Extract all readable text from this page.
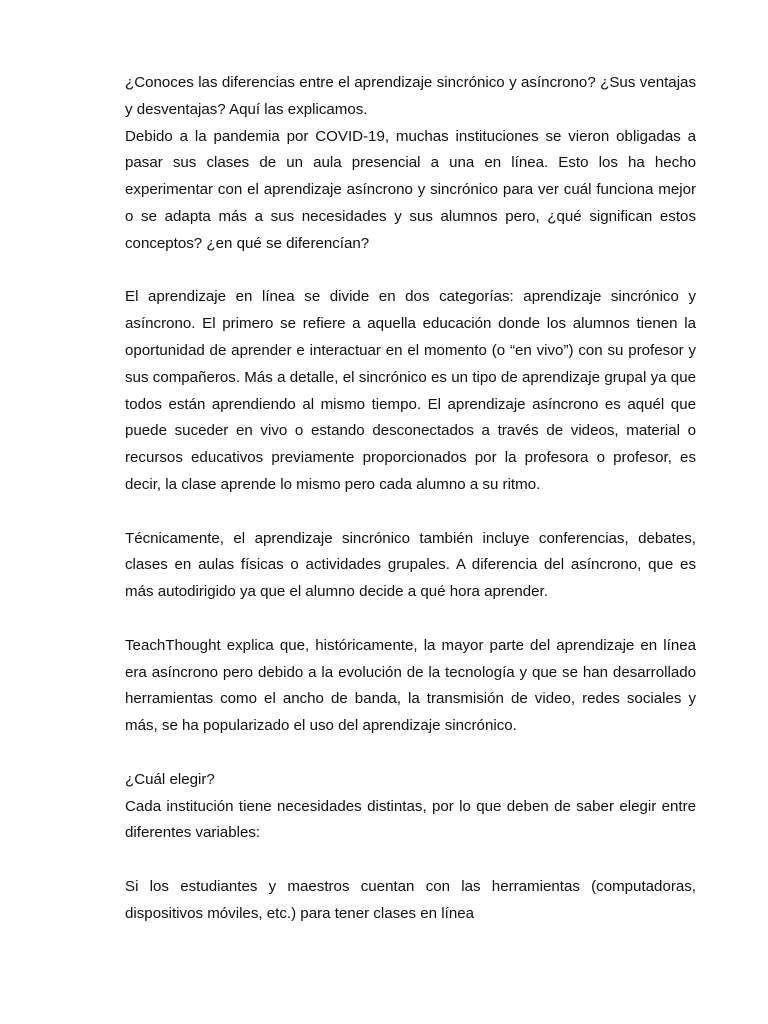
¿Conoces las diferencias entre el aprendizaje sincrónico y asíncrono? ¿Sus ventajas y desventajas? Aquí las explicamos.

Debido a la pandemia por COVID-19, muchas instituciones se vieron obligadas a pasar sus clases de un aula presencial a una en línea. Esto los ha hecho experimentar con el aprendizaje asíncrono y sincrónico para ver cuál funciona mejor o se adapta más a sus necesidades y sus alumnos pero, ¿qué significan estos conceptos? ¿en qué se diferencían?

El aprendizaje en línea se divide en dos categorías: aprendizaje sincrónico y asíncrono. El primero se refiere a aquella educación donde los alumnos tienen la oportunidad de aprender e interactuar en el momento (o “en vivo”) con su profesor y sus compañeros. Más a detalle, el sincrónico es un tipo de aprendizaje grupal ya que todos están aprendiendo al mismo tiempo. El aprendizaje asíncrono es aquél que puede suceder en vivo o estando desconectados a través de videos, material o recursos educativos previamente proporcionados por la profesora o profesor, es decir, la clase aprende lo mismo pero cada alumno a su ritmo.

Técnicamente, el aprendizaje sincrónico también incluye conferencias, debates, clases en aulas físicas o actividades grupales. A diferencia del asíncrono, que es más autodirigido ya que el alumno decide a qué hora aprender.

TeachThought explica que, históricamente, la mayor parte del aprendizaje en línea era asíncrono pero debido a la evolución de la tecnología y que se han desarrollado herramientas como el ancho de banda, la transmisión de video, redes sociales y más, se ha popularizado el uso del aprendizaje sincrónico.

¿Cuál elegir?

Cada institución tiene necesidades distintas, por lo que deben de saber elegir entre diferentes variables:

Si los estudiantes y maestros cuentan con las herramientas (computadoras, dispositivos móviles, etc.) para tener clases en línea
